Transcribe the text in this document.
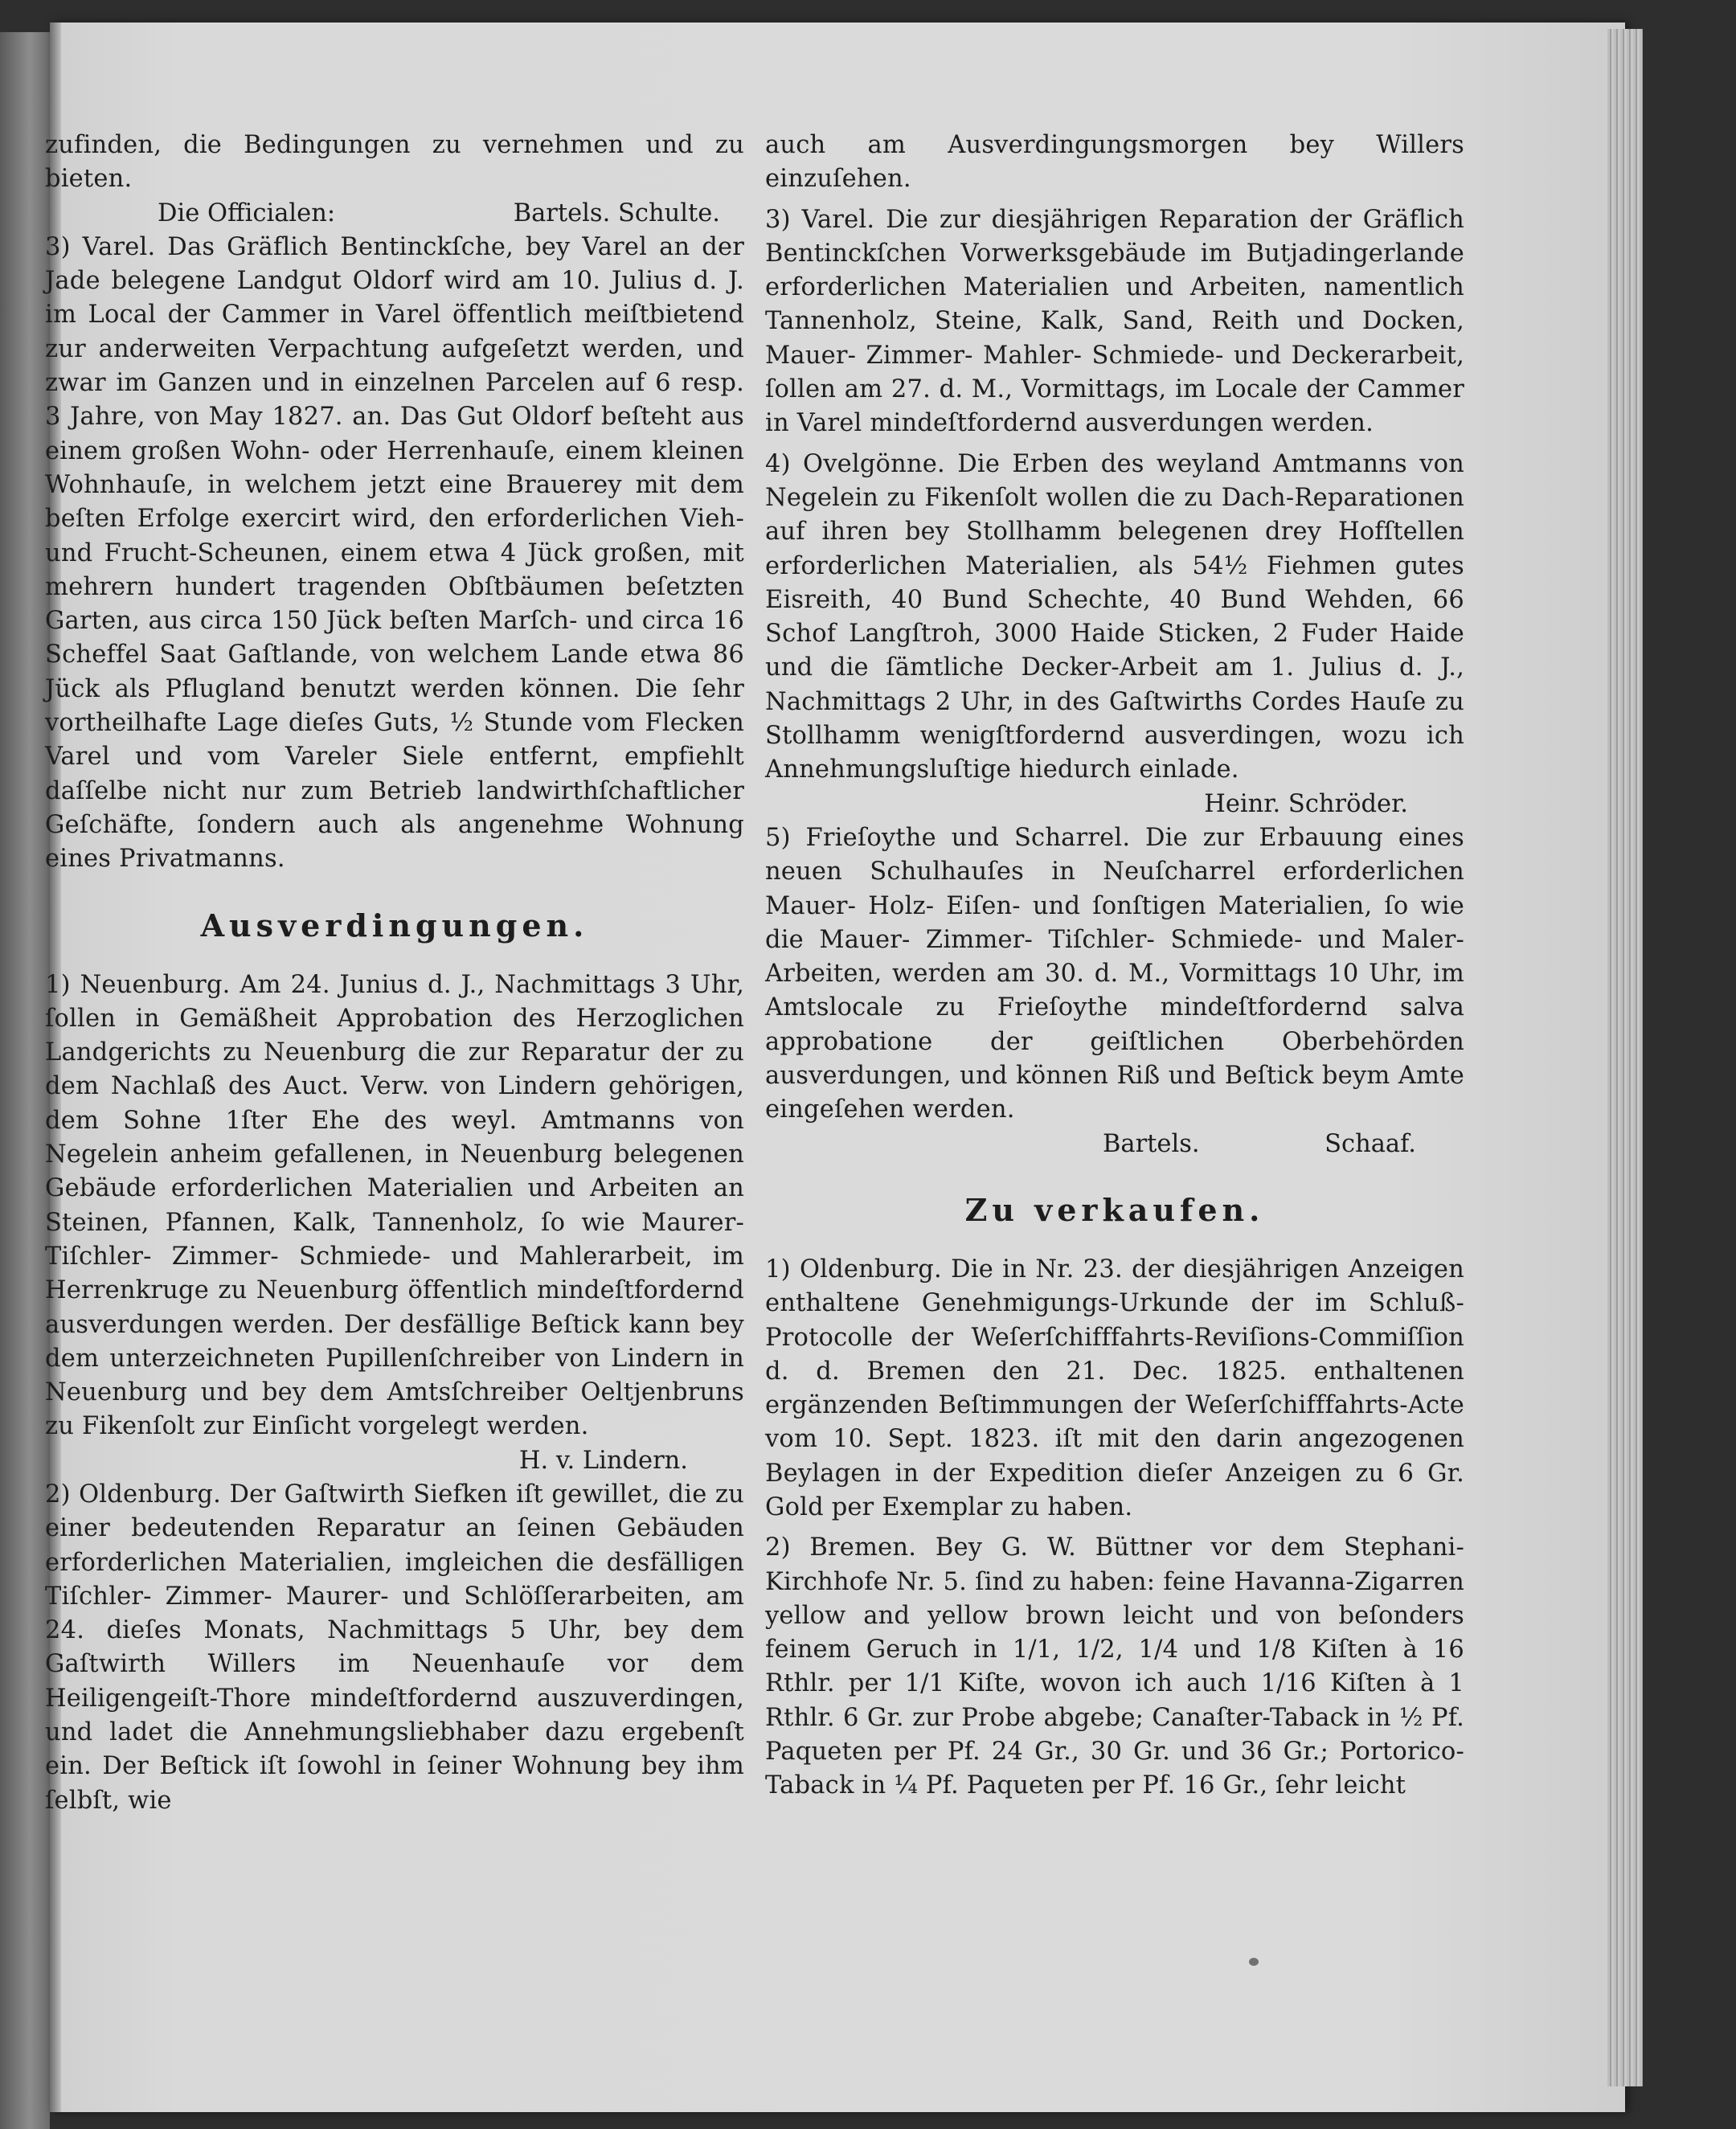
zufinden, die Bedingungen zu vernehmen und zu bieten.

Die Officialen:	Bartels. Schulte.

3) Varel. Das Gräflich Bentinckſche, bey Varel an der Jade belegene Landgut Oldorf wird am 10. Julius d. J. im Local der Cammer in Varel öffentlich meiſtbietend zur anderweiten Verpachtung aufgeſetzt werden, und zwar im Ganzen und in einzelnen Parcelen auf 6 resp. 3 Jahre, von May 1827. an. Das Gut Oldorf beſteht aus einem großen Wohn- oder Herrenhauſe, einem kleinen Wohnhauſe, in welchem jetzt eine Brauerey mit dem beſten Erfolge exercirt wird, den erforderlichen Vieh- und Frucht-Scheunen, einem etwa 4 Jück großen, mit mehrern hundert tragenden Obſtbäumen beſetzten Garten, aus circa 150 Jück beſten Marſch- und circa 16 Scheffel Saat Gaſtlande, von welchem Lande etwa 86 Jück als Pflugland benutzt werden können. Die ſehr vortheilhafte Lage dieſes Guts, ½ Stunde vom Flecken Varel und vom Vareler Siele entfernt, empfiehlt daſſelbe nicht nur zum Betrieb landwirthſchaftlicher Geſchäfte, ſondern auch als angenehme Wohnung eines Privatmanns.

Ausverdingungen.

1) Neuenburg. Am 24. Junius d. J., Nachmittags 3 Uhr, ſollen in Gemäßheit Approbation des Herzoglichen Landgerichts zu Neuenburg die zur Reparatur der zu dem Nachlaß des Auct. Verw. von Lindern gehörigen, dem Sohne 1ſter Ehe des weyl. Amtmanns von Negelein anheim gefallenen, in Neuenburg belegenen Gebäude erforderlichen Materialien und Arbeiten an Steinen, Pfannen, Kalk, Tannenholz, ſo wie Maurer- Tiſchler- Zimmer- Schmiede- und Mahlerarbeit, im Herrenkruge zu Neuenburg öffentlich mindeſtfordernd ausverdungen werden. Der desfällige Beſtick kann bey dem unterzeichneten Pupillenſchreiber von Lindern in Neuenburg und bey dem Amtsſchreiber Oeltjenbruns zu Fikenſolt zur Einſicht vorgelegt werden.

H. v. Lindern.

2) Oldenburg. Der Gaſtwirth Siefken iſt gewillet, die zu einer bedeutenden Reparatur an ſeinen Gebäuden erforderlichen Materialien, imgleichen die desfälligen Tiſchler- Zimmer- Maurer- und Schlöſſerarbeiten, am 24. dieſes Monats, Nachmittags 5 Uhr, bey dem Gaſtwirth Willers im Neuenhauſe vor dem Heiligengeiſt-Thore mindeſtfordernd auszuverdingen, und ladet die Annehmungsliebhaber dazu ergebenſt ein. Der Beſtick iſt ſowohl in ſeiner Wohnung bey ihm ſelbſt, wie

auch am Ausverdingungsmorgen bey Willers einzuſehen.

3) Varel. Die zur diesjährigen Reparation der Gräflich Bentinckſchen Vorwerksgebäude im Butjadingerlande erforderlichen Materialien und Arbeiten, namentlich Tannenholz, Steine, Kalk, Sand, Reith und Docken, Mauer- Zimmer- Mahler- Schmiede- und Deckerarbeit, ſollen am 27. d. M., Vormittags, im Locale der Cammer in Varel mindeſtfordernd ausverdungen werden.

4) Ovelgönne. Die Erben des weyland Amtmanns von Negelein zu Fikenſolt wollen die zu Dach-Reparationen auf ihren bey Stollhamm belegenen drey Hofſtellen erforderlichen Materialien, als 54½ Fiehmen gutes Eisreith, 40 Bund Schechte, 40 Bund Wehden, 66 Schof Langſtroh, 3000 Haide Sticken, 2 Fuder Haide und die ſämtliche Decker-Arbeit am 1. Julius d. J., Nachmittags 2 Uhr, in des Gaſtwirths Cordes Hauſe zu Stollhamm wenigſtfordernd ausverdingen, wozu ich Annehmungsluſtige hiedurch einlade.

Heinr. Schröder.

5) Frieſoythe und Scharrel. Die zur Erbauung eines neuen Schulhauſes in Neuſcharrel erforderlichen Mauer- Holz- Eiſen- und ſonſtigen Materialien, ſo wie die Mauer- Zimmer- Tiſchler- Schmiede- und Maler-Arbeiten, werden am 30. d. M., Vormittags 10 Uhr, im Amtslocale zu Frieſoythe mindeſtfordernd salva approbatione der geiſtlichen Oberbehörden ausverdungen, und können Riß und Beſtick beym Amte eingeſehen werden.

Bartels.	Schaaf.
Zu verkaufen.

1) Oldenburg. Die in Nr. 23. der diesjährigen Anzeigen enthaltene Genehmigungs-Urkunde der im Schluß-Protocolle der Weſerſchifffahrts-Reviſions-Commiſſion d. d. Bremen den 21. Dec. 1825. enthaltenen ergänzenden Beſtimmungen der Weſerſchifffahrts-Acte vom 10. Sept. 1823. iſt mit den darin angezogenen Beylagen in der Expedition dieſer Anzeigen zu 6 Gr. Gold per Exemplar zu haben.

2) Bremen. Bey G. W. Büttner vor dem Stephani-Kirchhofe Nr. 5. ſind zu haben: feine Havanna-Zigarren yellow and yellow brown leicht und von beſonders feinem Geruch in 1/1, 1/2, 1/4 und 1/8 Kiſten à 16 Rthlr. per 1/1 Kiſte, wovon ich auch 1/16 Kiſten à 1 Rthlr. 6 Gr. zur Probe abgebe; Canaſter-Taback in ½ Pf. Paqueten per Pf. 24 Gr., 30 Gr. und 36 Gr.; Portorico-Taback in ¼ Pf. Paqueten per Pf. 16 Gr., ſehr leicht
